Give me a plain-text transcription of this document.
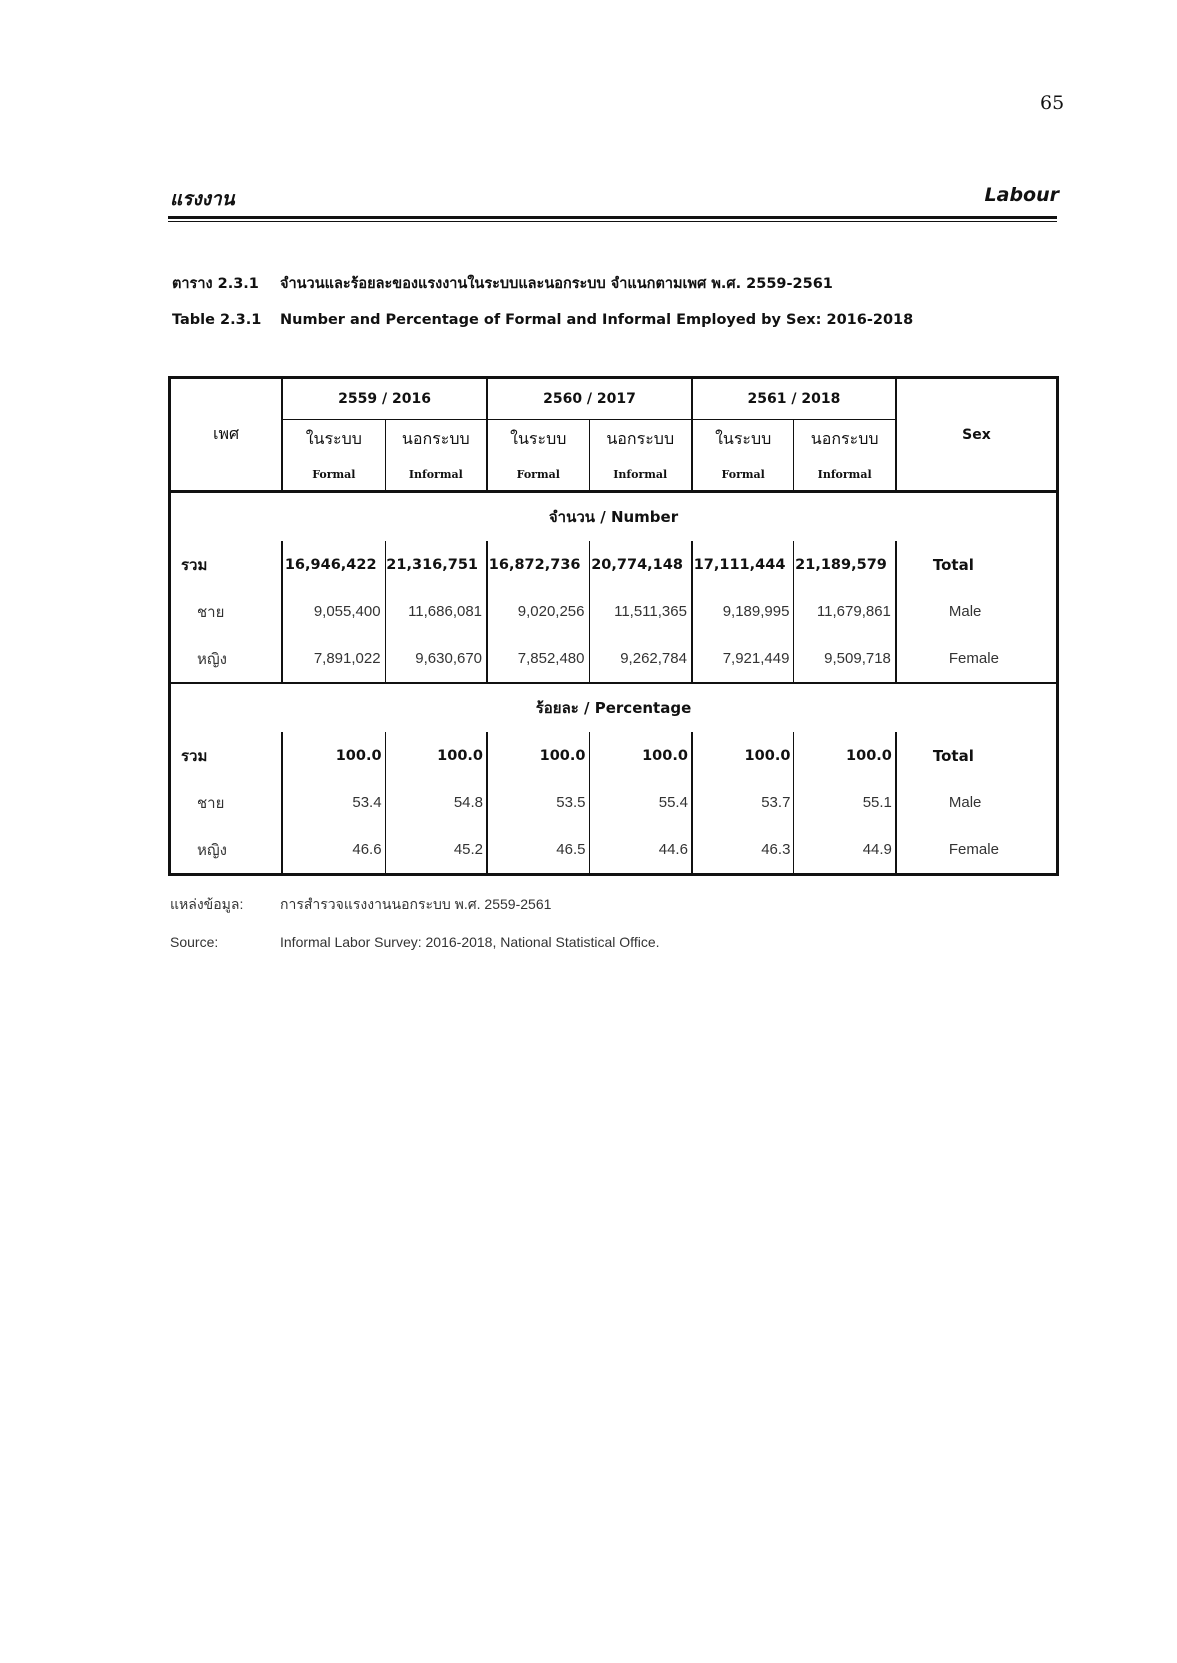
65
แรงงาน	Labour
ตาราง 2.3.1	จำนวนและร้อยละของแรงงานในระบบและนอกระบบ จำแนกตามเพศ พ.ศ. 2559-2561
Table 2.3.1	Number and Percentage of Formal and Informal Employed by Sex: 2016-2018
เพศ	2559 / 2016		2560 / 2017		2561 / 2018		Sex
	ในระบบ	นอกระบบ	ในระบบ	นอกระบบ	ในระบบ	นอกระบบ	
	Formal	Informal	Formal	Informal	Formal	Informal	
จำนวน / Number							
รวม	16,946,422	21,316,751	16,872,736	20,774,148	17,111,444	21,189,579	Total
ชาย	9,055,400	11,686,081	9,020,256	11,511,365	9,189,995	11,679,861	Male
หญิง	7,891,022	9,630,670	7,852,480	9,262,784	7,921,449	9,509,718	Female
ร้อยละ / Percentage							
รวม	100.0	100.0	100.0	100.0	100.0	100.0	Total
ชาย	53.4	54.8	53.5	55.4	53.7	55.1	Male
หญิง	46.6	45.2	46.5	44.6	46.3	44.9	Female
แหล่งข้อมูล:	การสำรวจแรงงานนอกระบบ พ.ศ. 2559-2561
Source:	Informal Labor Survey: 2016-2018, National Statistical Office.
